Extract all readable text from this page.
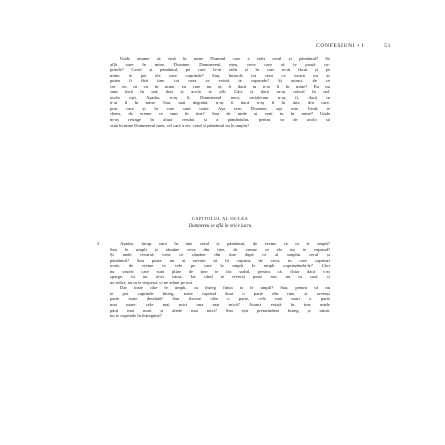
CONFESIUNI • I	51
Unde anume să vină în mine Domnul care a zidit cerul și pământul? Se
află oare în mine, Doamne, Dumnezeul meu, ceva care să te poată cu-
prinde? Cerul și pământul, pe care le-ai zidit și în care m-ai făcut și pe
mine, te pot ele oare cuprinde? Sau, întrucât tot ceea ce există nu ar
putea fi fără tine, tot ceea ce există te cuprinde? Și atunci, de ce
cer eu să vii în mine, eu care nu aș fi dacă tu n-ai fi în mine? Eu nu
sunt încă în iad, deși și acolo te afli. Căci și dacă m-aș coborî în iad,
acolo ești. Așadar, n-aș fi, Dumnezeul meu, nicidecum n-aș fi, dacă tu
n-ai fi în mine. Sau, mai degrabă, n-aș fi dacă n-aș fi în tine, din care,
prin care și în care sunt toate. Așa este, Doamne, așa este. Unde te
chem, de vreme ce sunt în tine? Sau de unde ai veni tu în mine? Unde
m-aș retrage în afara cerului și a pământului, pentru ca de acolo să
vină în mine Dumnezeul meu, cel care a zis: cerul și pământul eu le umplu?
CAPITOLUL AL III-LEA
Dumnezeu se află în orice lucru
3	Așadar, încap oare în tine cerul și pământul, de vreme ce tu le umpli?
Sau le umpli și rămâne ceva din tine, de vreme ce ele nu te cuprind?
Și unde revarsă ceea ce rămâne din tine după ce ai umplut cerul și
pământul? Sau poate nu ai nevoie să fii cuprins de ceva, tu care cuprinzi
toate, de vreme ce cele pe care le umpli le umpli cuprinzându-le? Căci
nu vasele care sunt pline de tine te fac stabil, pentru că, chiar dacă s-ar
sparge, tu nu te-ai vărsa. Iar când te reverși peste noi, nu tu cazi, ci
ne ridici; nu tu te risipești, ci ne aduni pe noi.
Dar toate câte le umpli, cu întreg ființa ta le umpli? Sau, pentru că nu
te pot cuprinde întreg, toate cuprind doar o parte din tine, și aceeași
parte toate deodată? Sau fiecare câte o parte, cele mai mari o parte
mai mare, cele mai mici una mai mică? Atunci există în tine unele
părți mai mari și altele mai mici? Sau ești pretutindeni întreg și nimic
nu te cuprinde în întregime?
